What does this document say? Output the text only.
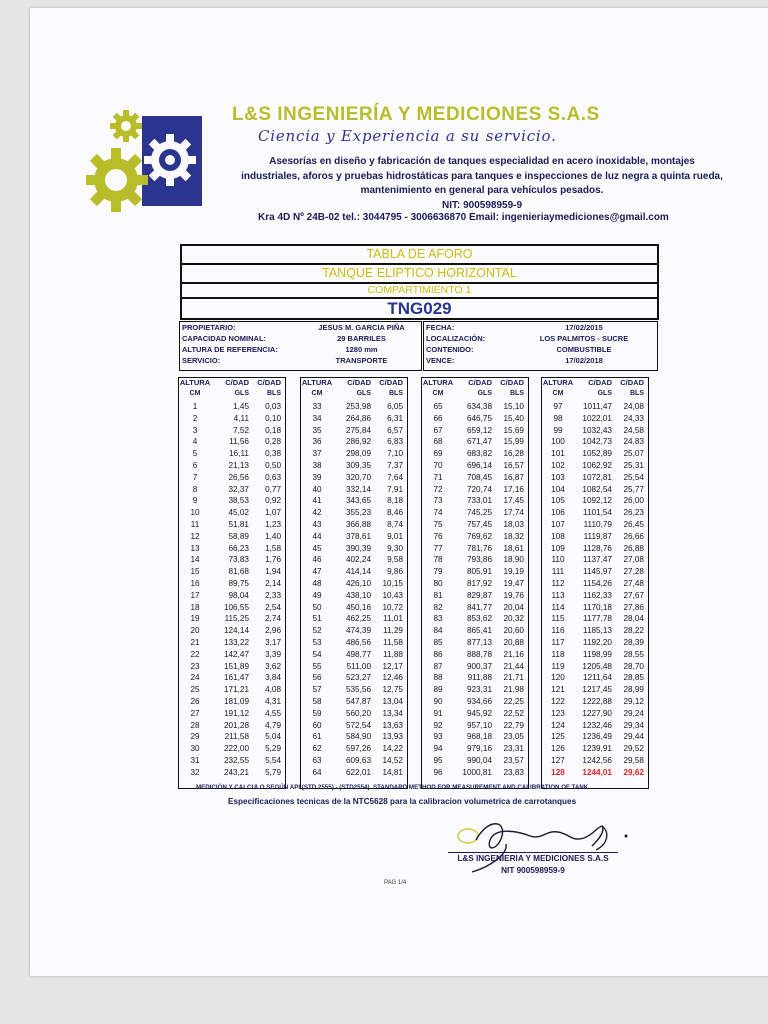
L&S INGENIERÍA Y MEDICIONES S.A.S
Ciencia y Experiencia a su servicio.
Asesorías en diseño y fabricación de tanques especialidad en acero inoxidable, montajes
industriales, aforos y pruebas hidrostáticas para tanques e inspecciones de luz negra a quinta rueda,
mantenimiento en general para vehículos pesados.
NIT: 900598959-9
Kra 4D Nº 24B-02 tel.: 3044795 - 3006636870 Email: ingenieriaymediciones@gmail.com
TABLA DE AFORO
TANQUE ELIPTICO HORIZONTAL
COMPARTIMIENTO 1
TNG029
PROPIETARIO:	JESUS M. GARCIA PIÑA
CAPACIDAD NOMINAL:	29 BARRILES
ALTURA DE REFERENCIA:	1280 mm
SERVICIO:	TRANSPORTE
FECHA:	17/02/2015
LOCALIZACIÓN:	LOS PALMITOS - SUCRE
CONTENIDO:	COMBUSTIBLE
VENCE:	17/02/2018
ALTURA	C/DAD	C/DAD
CM	GLS	BLS
1	1,45	0,03
2	4,11	0,10
3	7,52	0,18
4	11,56	0,28
5	16,11	0,38
6	21,13	0,50
7	26,56	0,63
8	32,37	0,77
9	38,53	0,92
10	45,02	1,07
11	51,81	1,23
12	58,89	1,40
13	66,23	1,58
14	73,83	1,76
15	81,68	1,94
16	89,75	2,14
17	98,04	2,33
18	106,55	2,54
19	115,25	2,74
20	124,14	2,96
21	133,22	3,17
22	142,47	3,39
23	151,89	3,62
24	161,47	3,84
25	171,21	4,08
26	181,09	4,31
27	191,12	4,55
28	201,28	4,79
29	211,58	5,04
30	222,00	5,29
31	232,55	5,54
32	243,21	5,79
ALTURA	C/DAD	C/DAD
CM	GLS	BLS
33	253,98	6,05
34	264,86	6,31
35	275,84	6,57
36	286,92	6,83
37	298,09	7,10
38	309,35	7,37
39	320,70	7,64
40	332,14	7,91
41	343,65	8,18
42	355,23	8,46
43	366,88	8,74
44	378,61	9,01
45	390,39	9,30
46	402,24	9,58
47	414,14	9,86
48	426,10	10,15
49	438,10	10,43
50	450,16	10,72
51	462,25	11,01
52	474,39	11,29
53	486,56	11,58
54	498,77	11,88
55	511,00	12,17
56	523,27	12,46
57	535,56	12,75
58	547,87	13,04
59	560,20	13,34
60	572,54	13,63
61	584,90	13,93
62	597,26	14,22
63	609,63	14,52
64	622,01	14,81
ALTURA	C/DAD	C/DAD
CM	GLS	BLS
65	634,38	15,10
66	646,75	15,40
67	659,12	15,69
68	671,47	15,99
69	683,82	16,28
70	696,14	16,57
71	708,45	16,87
72	720,74	17,16
73	733,01	17,45
74	745,25	17,74
75	757,45	18,03
76	769,62	18,32
77	781,76	18,61
78	793,86	18,90
79	805,91	19,19
80	817,92	19,47
81	829,87	19,76
82	841,77	20,04
83	853,62	20,32
84	865,41	20,60
85	877,13	20,88
86	888,78	21,16
87	900,37	21,44
88	911,88	21,71
89	923,31	21,98
90	934,66	22,25
91	945,92	22,52
92	957,10	22,79
93	968,18	23,05
94	979,16	23,31
95	990,04	23,57
96	1000,81	23,83
ALTURA	C/DAD	C/DAD
CM	GLS	BLS
97	1011,47	24,08
98	1022,01	24,33
99	1032,43	24,58
100	1042,73	24,83
101	1052,89	25,07
102	1062,92	25,31
103	1072,81	25,54
104	1082,54	25,77
105	1092,12	26,00
106	1101,54	26,23
107	1110,79	26,45
108	1119,87	26,66
109	1128,76	26,88
110	1137,47	27,08
111	1145,97	27,28
112	1154,26	27,48
113	1162,33	27,67
114	1170,18	27,86
115	1177,78	28,04
116	1185,13	28,22
117	1192,20	28,39
118	1198,99	28,55
119	1205,48	28,70
120	1211,64	28,85
121	1217,45	28,99
122	1222,88	29,12
123	1227,90	29,24
124	1232,46	29,34
125	1236,49	29,44
126	1239,91	29,52
127	1242,56	29,58
128	1244,01	29,62
MEDICIÓN Y CALCULO SEGÚN API (STD 2555) - (STD2554). STANDARD METHOD FOR MEASUREMENT AND CALIBRATION OF TANK
Especificaciones tecnicas de la NTC5628 para la calibracion volumetrica de carrotanques
L&S INGENIERIA Y MEDICIONES S.A.S
NIT 900598959-9
PAG 1/4
